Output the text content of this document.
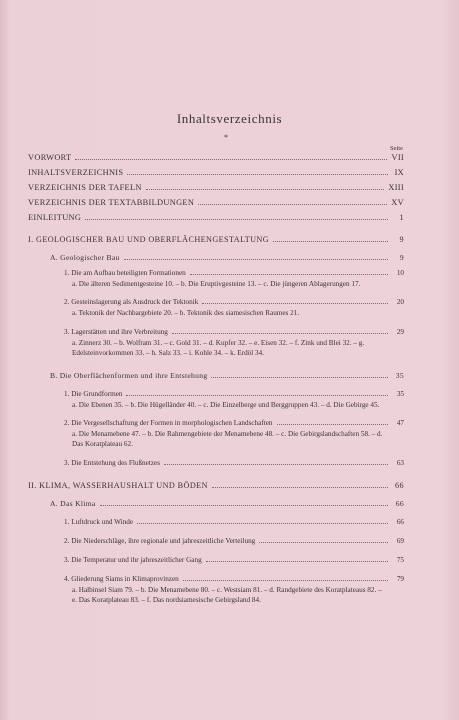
Inhaltsverzeichnis
*
Seite
VORWORT	VII
INHALTSVERZEICHNIS	IX
VERZEICHNIS DER TAFELN	XIII
VERZEICHNIS DER TEXTABBILDUNGEN	XV
EINLEITUNG	1
I. GEOLOGISCHER BAU UND OBERFLÄCHENGESTALTUNG	9
A. Geologischer Bau	9
1. Die am Aufbau beteiligten Formationen	10
a. Die älteren Sedimentgesteine 10. – b. Die Eruptivgesteine 13. – c. Die jüngeren Ablagerungen 17.
2. Gesteinslagerung als Ausdruck der Tektonik	20
a. Tektonik der Nachbargebiete 20. – b. Tektonik des siamesischen Raumes 21.
3. Lagerstätten und ihre Verbreitung	29
a. Zinnerz 30. – b. Wolfram 31. – c. Gold 31. – d. Kupfer 32. – e. Eisen 32. – f. Zink und Blei 32. – g. Edelsteinvorkommen 33. – h. Salz 33. – i. Kohle 34. – k. Erdöl 34.
B. Die Oberflächenformen und ihre Entstehung	35
1. Die Grundformen	35
a. Die Ebenen 35. – b. Die Hügelländer 40. – c. Die Einzelberge und Berggruppen 43. – d. Die Gebirge 45.
2. Die Vergesellschaftung der Formen in morphologischen Landschaften	47
a. Die Menamebene 47. – b. Die Rahmengebiete der Menamebene 48. – c. Die Gebirgslandschaften 58. – d. Das Koratplateau 62.
3. Die Entstehung des Flußnetzes	63
II. KLIMA, WASSERHAUSHALT UND BÖDEN	66
A. Das Klima	66
1. Luftdruck und Winde	66
2. Die Niederschläge, ihre regionale und jahreszeitliche Verteilung	69
3. Die Temperatur und ihr jahreszeitlicher Gang	75
4. Gliederung Siams in Klimaprovinzen	79
a. Halbinsel Siam 79. – b. Die Menamebene 80. – c. Westsiam 81. – d. Randgebiete des Koratplateaus 82. – e. Das Koratplateau 83. – f. Das nordsiamesische Gebirgsland 84.
